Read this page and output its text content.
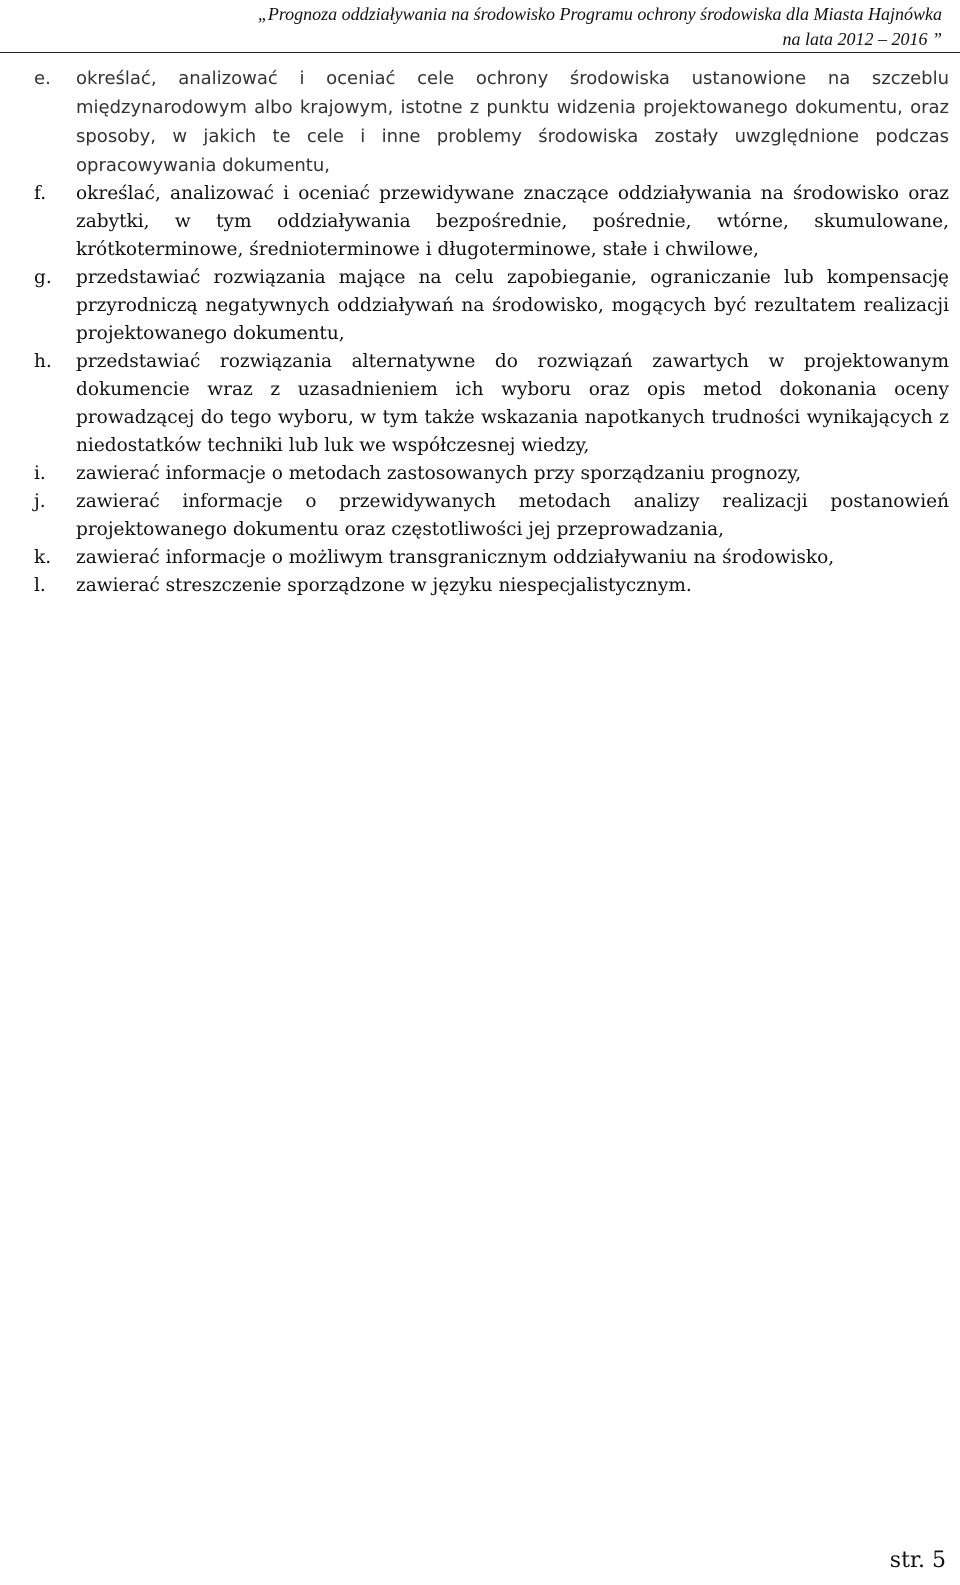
„Prognoza oddziaływania na środowisko Programu ochrony środowiska dla Miasta Hajnówka
na lata 2012 – 2016 ”
e.	określać, analizować i oceniać cele ochrony środowiska ustanowione na szczeblu międzynarodowym albo krajowym, istotne z punktu widzenia projektowanego dokumentu, oraz sposoby, w jakich te cele i inne problemy środowiska zostały uwzględnione podczas opracowywania dokumentu,
f.	określać, analizować i oceniać przewidywane znaczące oddziaływania na środowisko oraz zabytki, w tym oddziaływania bezpośrednie, pośrednie, wtórne, skumulowane, krótkoterminowe, średnioterminowe i długoterminowe, stałe i chwilowe,
g.	przedstawiać rozwiązania mające na celu zapobieganie, ograniczanie lub kompensację przyrodniczą negatywnych oddziaływań na środowisko, mogących być rezultatem realizacji projektowanego dokumentu,
h.	przedstawiać rozwiązania alternatywne do rozwiązań zawartych w projektowanym dokumencie wraz z uzasadnieniem ich wyboru oraz opis metod dokonania oceny prowadzącej do tego wyboru, w tym także wskazania napotkanych trudności wynikających z niedostatków techniki lub luk we współczesnej wiedzy,
i.	zawierać informacje o metodach zastosowanych przy sporządzaniu prognozy,
j.	zawierać informacje o przewidywanych metodach analizy realizacji postanowień projektowanego dokumentu oraz częstotliwości jej przeprowadzania,
k.	zawierać informacje o możliwym transgranicznym oddziaływaniu na środowisko,
l.	zawierać streszczenie sporządzone w języku niespecjalistycznym.
str. 5
